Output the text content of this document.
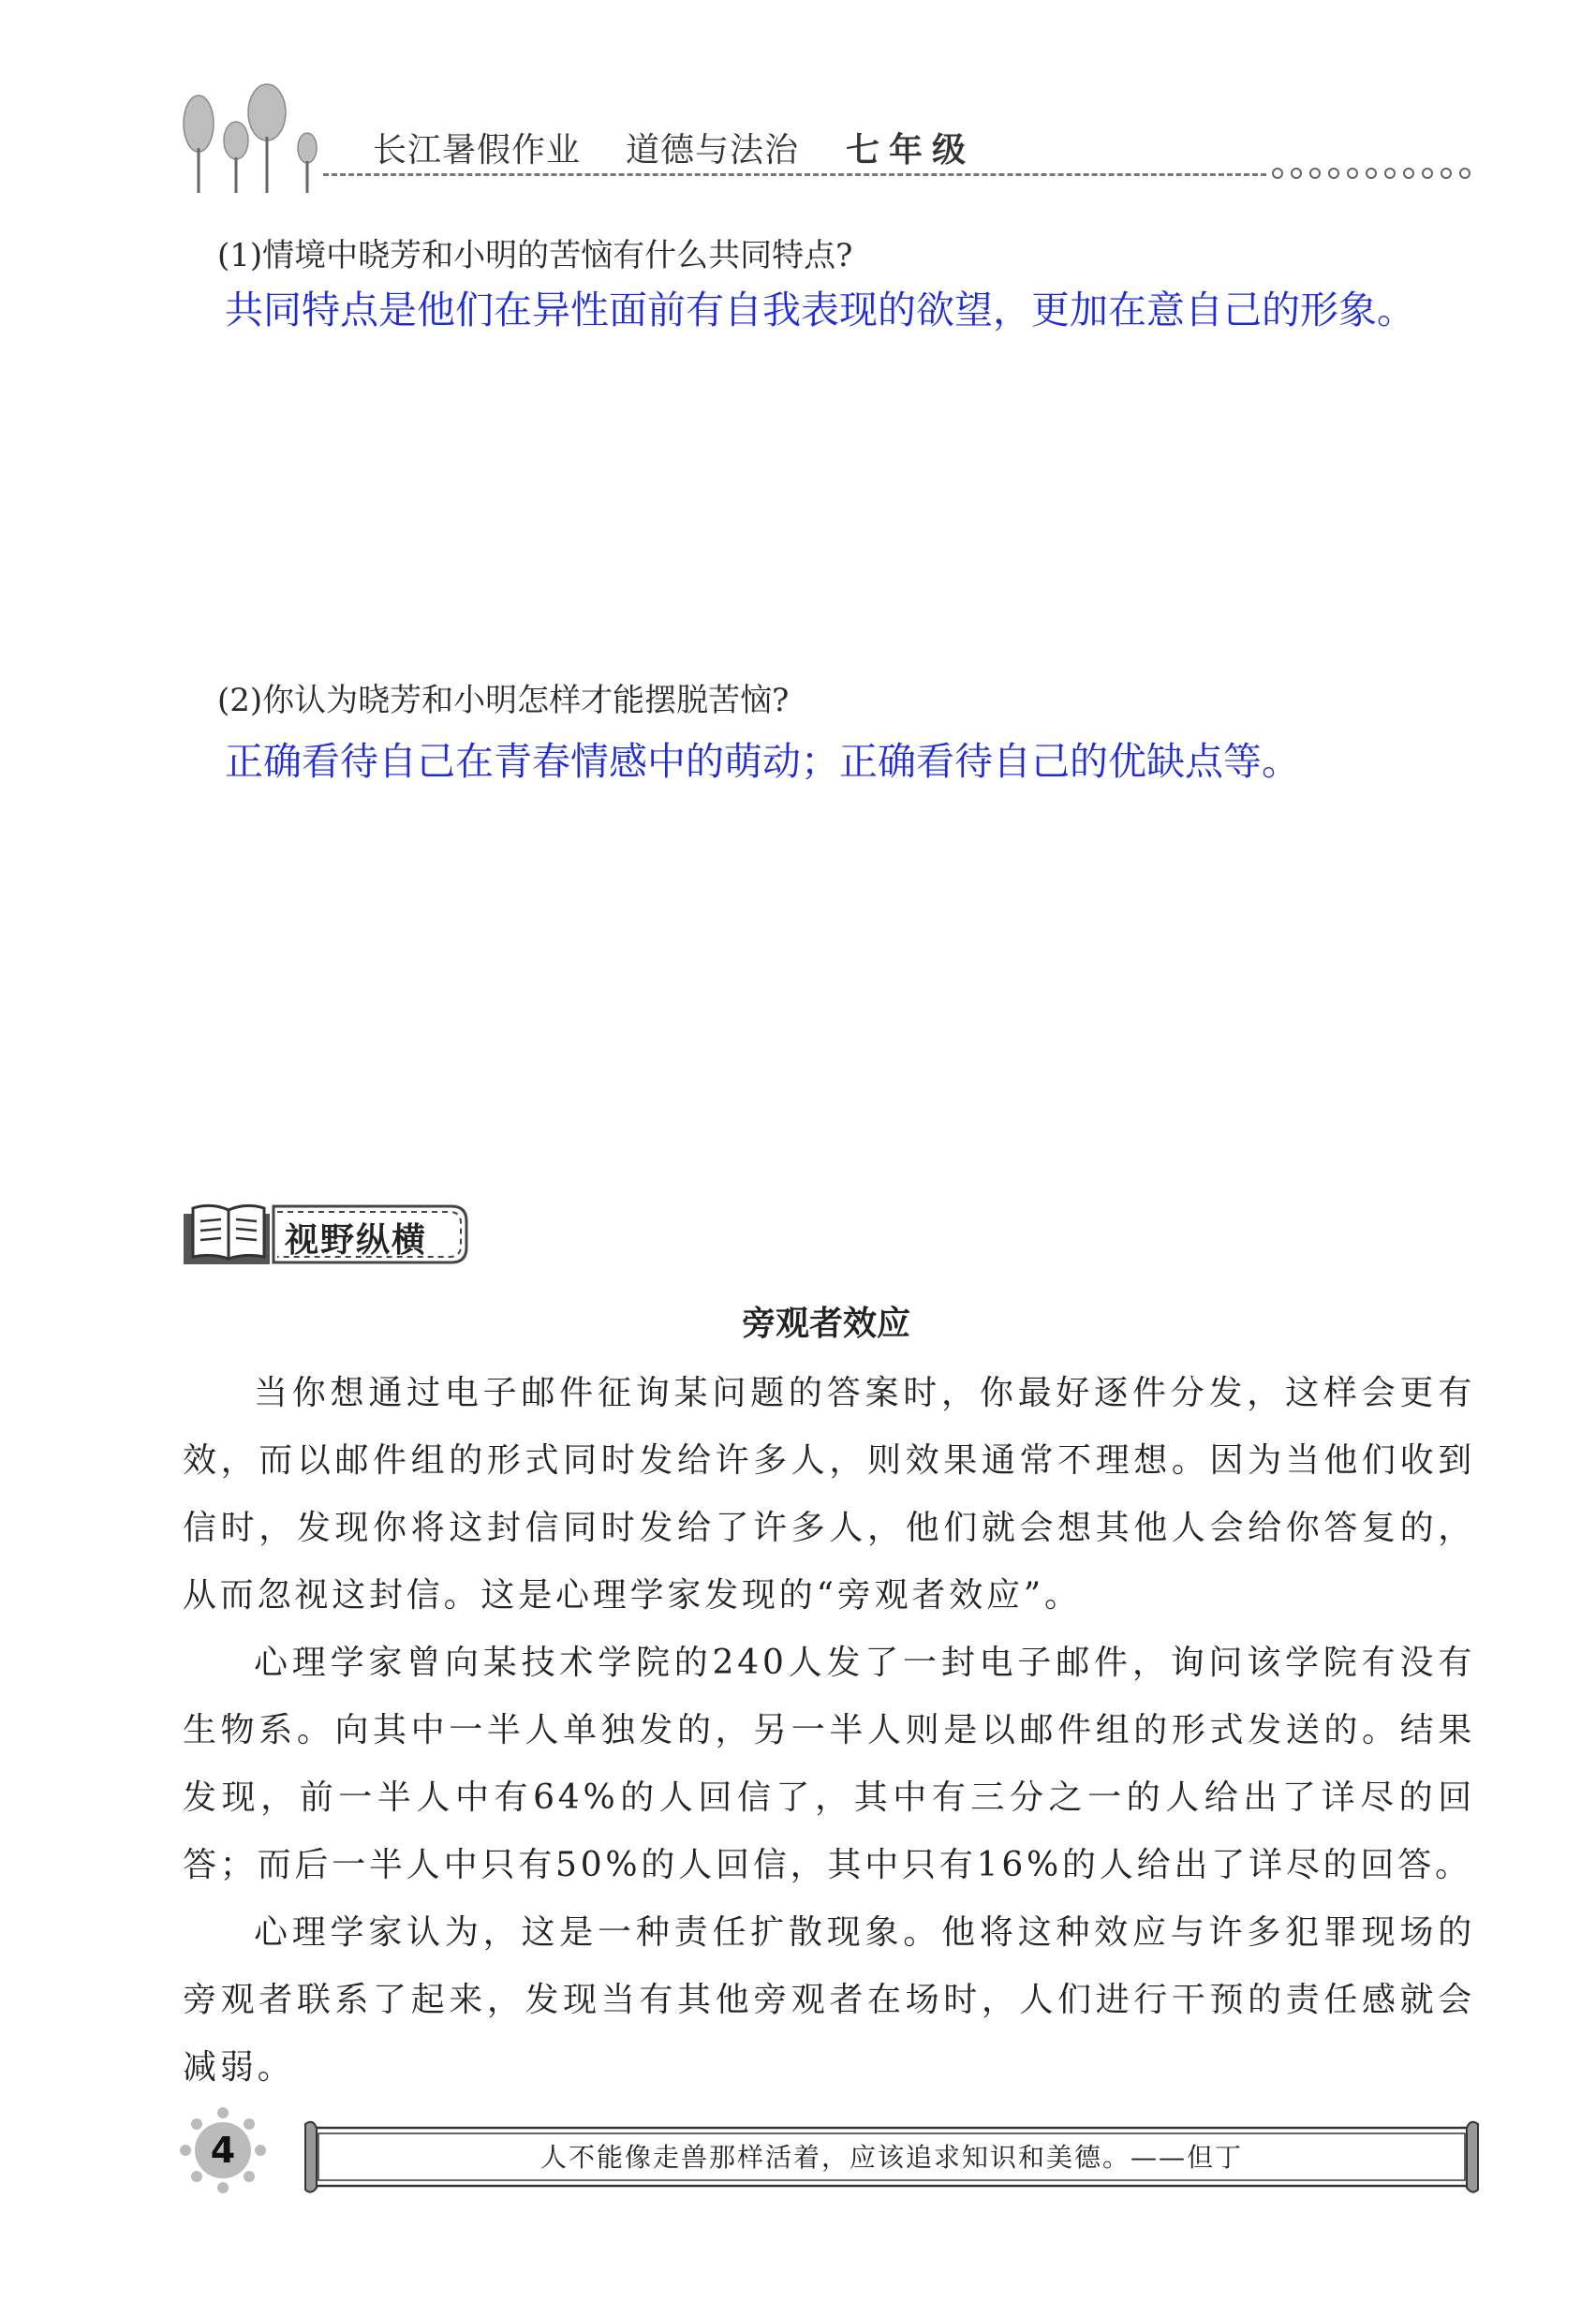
长江暑假作业 道德与法治 七年级
(1)情境中晓芳和小明的苦恼有什么共同特点?
共同特点是他们在异性面前有自我表现的欲望，更加在意自己的形象。
(2)你认为晓芳和小明怎样才能摆脱苦恼?
正确看待自己在青春情感中的萌动；正确看待自己的优缺点等。
视野纵横
旁观者效应

当你想通过电子邮件征询某问题的答案时，你最好逐件分发，这样会更有效，而以邮件组的形式同时发给许多人，则效果通常不理想。因为当他们收到信时，发现你将这封信同时发给了许多人，他们就会想其他人会给你答复的，从而忽视这封信。这是心理学家发现的“旁观者效应”。

心理学家曾向某技术学院的240人发了一封电子邮件，询问该学院有没有生物系。向其中一半人单独发的，另一半人则是以邮件组的形式发送的。结果发现，前一半人中有64%的人回信了，其中有三分之一的人给出了详尽的回答；而后一半人中只有50%的人回信，其中只有16%的人给出了详尽的回答。

心理学家认为，这是一种责任扩散现象。他将这种效应与许多犯罪现场的旁观者联系了起来，发现当有其他旁观者在场时，人们进行干预的责任感就会减弱。

4	人不能像走兽那样活着，应该追求知识和美德。——但丁
